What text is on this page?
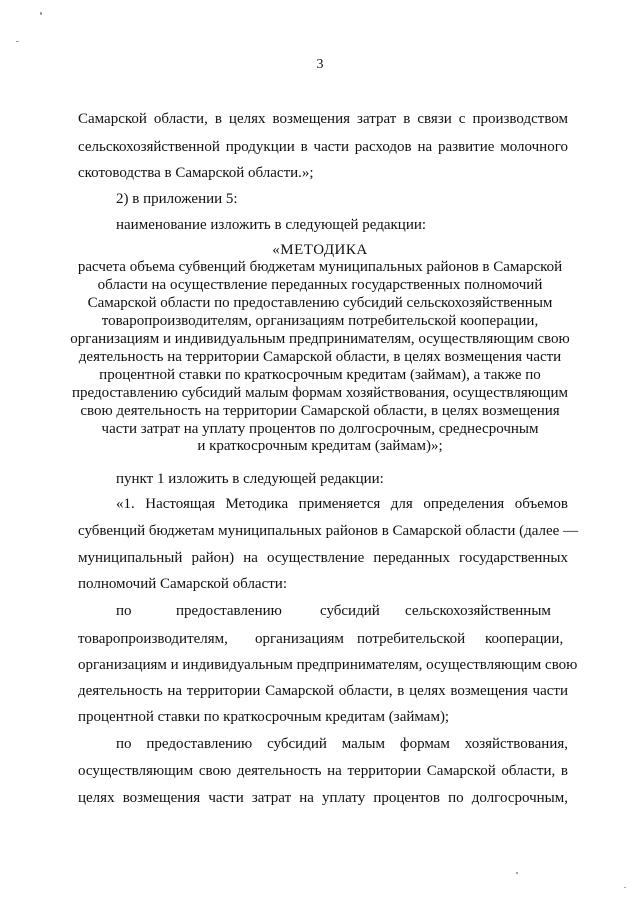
3
Самарской области, в целях возмещения затрат в связи с производством
сельскохозяйственной продукции в части расходов на развитие молочного
скотоводства в Самарской области.»;
2) в приложении 5:
наименование изложить в следующей редакции:
«МЕТОДИКА
расчета объема субвенций бюджетам муниципальных районов в Самарской
области на осуществление переданных государственных полномочий
Самарской области по предоставлению субсидий сельскохозяйственным
товаропроизводителям, организациям потребительской кооперации,
организациям и индивидуальным предпринимателям, осуществляющим свою
деятельность на территории Самарской области, в целях возмещения части
процентной ставки по краткосрочным кредитам (займам), а также по
предоставлению субсидий малым формам хозяйствования, осуществляющим
свою деятельность на территории Самарской области, в целях возмещения
части затрат на уплату процентов по долгосрочным, среднесрочным
и краткосрочным кредитам (займам)»;
пункт 1 изложить в следующей редакции:
«1. Настоящая Методика применяется для определения объемов
субвенций бюджетам муниципальных районов в Самарской области (далее —
муниципальный район) на осуществление переданных государственных
полномочий Самарской области:
по	предоставлению	субсидий сельскохозяйственным
товаропроизводителям, организациям потребительской кооперации,
организациям и индивидуальным предпринимателям, осуществляющим свою
деятельность на территории Самарской области, в целях возмещения части
процентной ставки по краткосрочным кредитам (займам);
по предоставлению субсидий малым формам хозяйствования,
осуществляющим свою деятельность на территории Самарской области, в
целях возмещения части затрат на уплату процентов по долгосрочным,
